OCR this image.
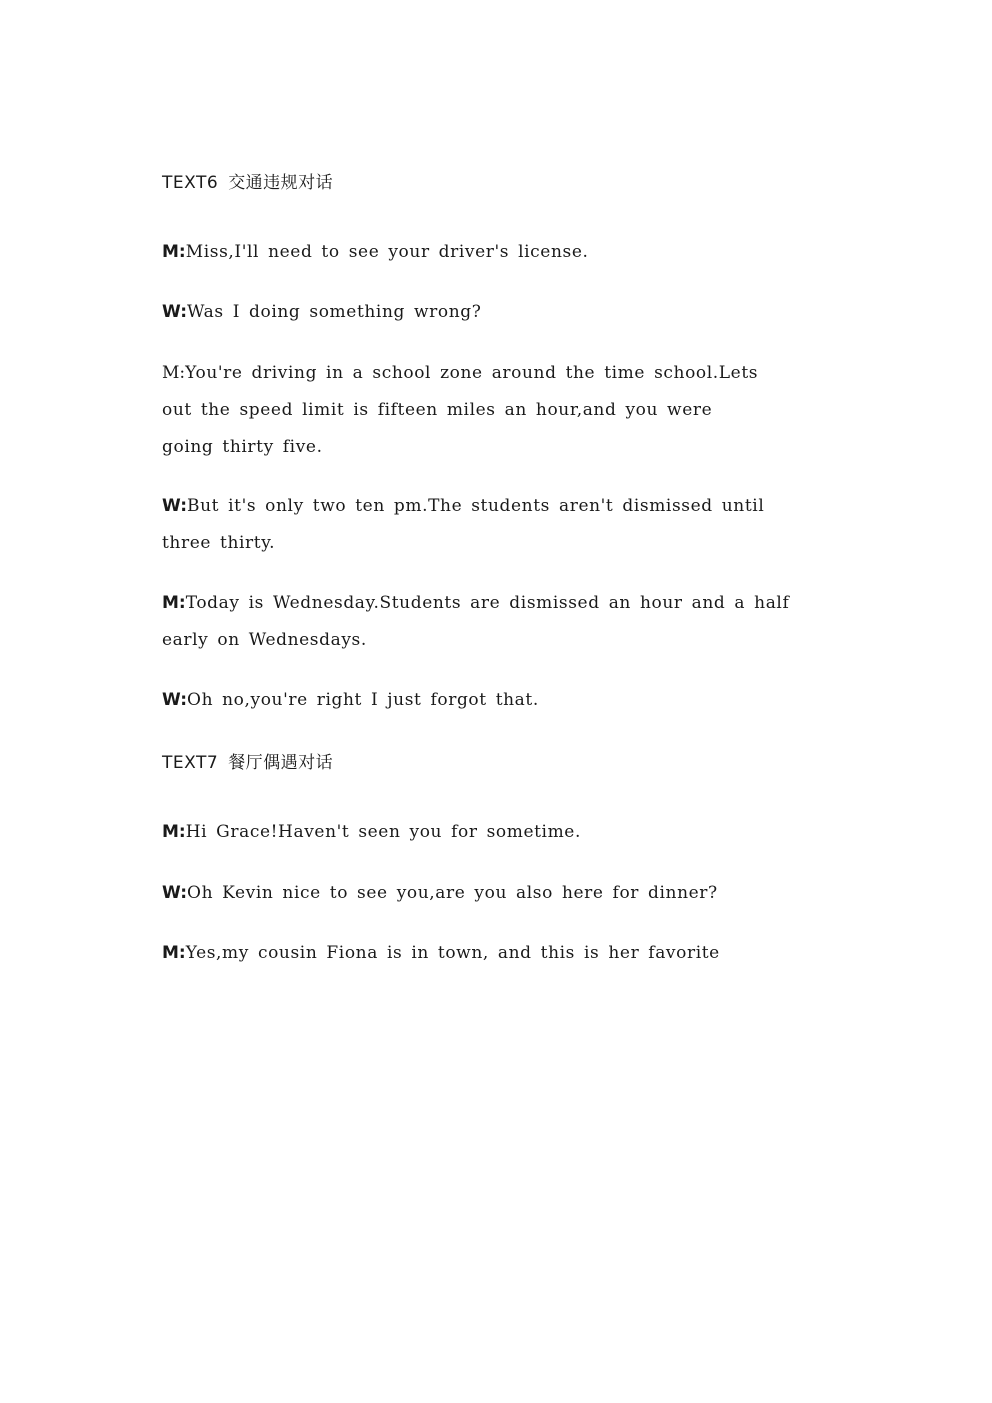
TEXT6 交通违规对话
M:Miss,I'll need to see your driver's license.
W:Was I doing something wrong?
M:You're driving in a school zone around the time school.Lets
out the speed limit is fifteen miles an hour,and you were
going thirty five.
W:But it's only two ten pm.The students aren't dismissed until
three thirty.
M:Today is Wednesday.Students are dismissed an hour and a half
early on Wednesdays.
W:Oh no,you're right I just forgot that.
TEXT7 餐厅偶遇对话
M:Hi Grace!Haven't seen you for sometime.
W:Oh Kevin nice to see you,are you also here for dinner?
M:Yes,my cousin Fiona is in town, and this is her favorite
